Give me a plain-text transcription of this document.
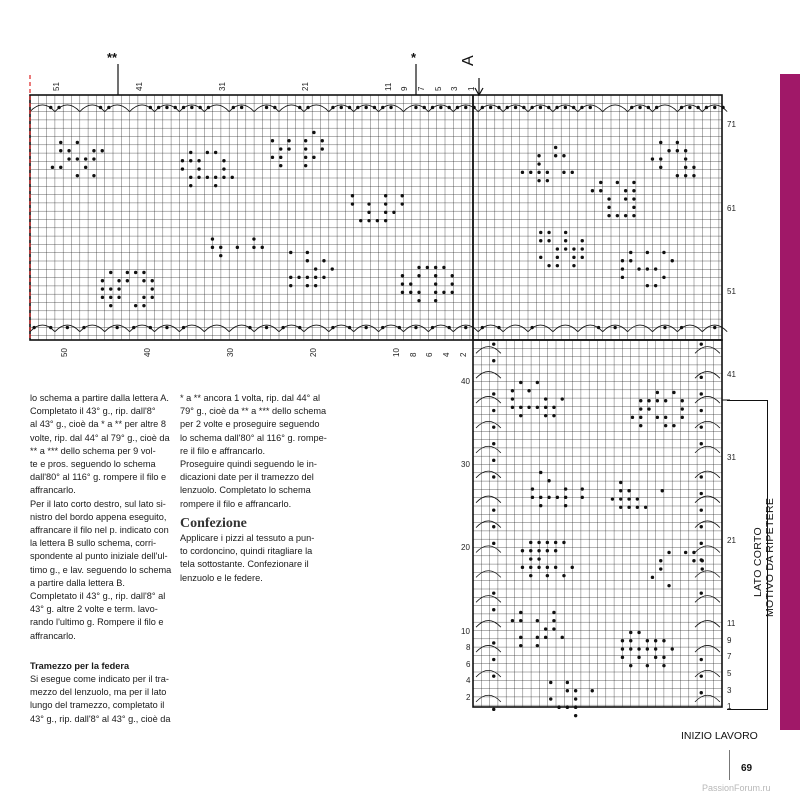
**	*	A
51	41	31	21	11 9 7 5 3 1
50	40	30	20	10 8 6 4 2
71
61
51
41
40
30
20
10
8
6
4
2
31
21
11
9
7
5
3
1
LATO CORTO MOTIVO DA RIPETERE
INIZIO LAVORO

lo schema a partire dalla lettera A.
Completato il 43° g., rip. dall'8°
al 43° g., cioè da * a ** per altre 8
volte, rip. dal 44° al 79° g., cioè da
** a *** dello schema per 9 vol-
te e pros. seguendo lo schema
dall'80° al 116° g. rompere il filo e
affrancarlo.

Per il lato corto destro, sul lato si-
nistro del bordo appena eseguito,
affrancare il filo nel p. indicato con
la lettera B sullo schema, corri-
spondente al punto iniziale dell'ul-
timo g., e lav. seguendo lo schema
a partire dalla lettera B.
Completato il 43° g., rip. dall'8° al
43° g. altre 2 volte e term. lavo-
rando l'ultimo g. Rompere il filo e
affrancarlo.

Tramezzo per la federa

Si esegue come indicato per il tra-
mezzo del lenzuolo, ma per il lato
lungo del tramezzo, completato il
43° g., rip. dall'8° al 43° g., cioè da

* a ** ancora 1 volta, rip. dal 44° al
79° g., cioè da ** a *** dello schema
per 2 volte e proseguire seguendo
lo schema dall'80° al 116° g. rompe-
re il filo e affrancarlo.
Proseguire quindi seguendo le in-
dicazioni date per il tramezzo del
lenzuolo. Completato lo schema
rompere il filo e affrancarlo.

Confezione

Applicare i pizzi al tessuto a pun-
to cordoncino, quindi ritagliare la
tela sottostante. Confezionare il
lenzuolo e le federe.

69
PassionForum.ru
